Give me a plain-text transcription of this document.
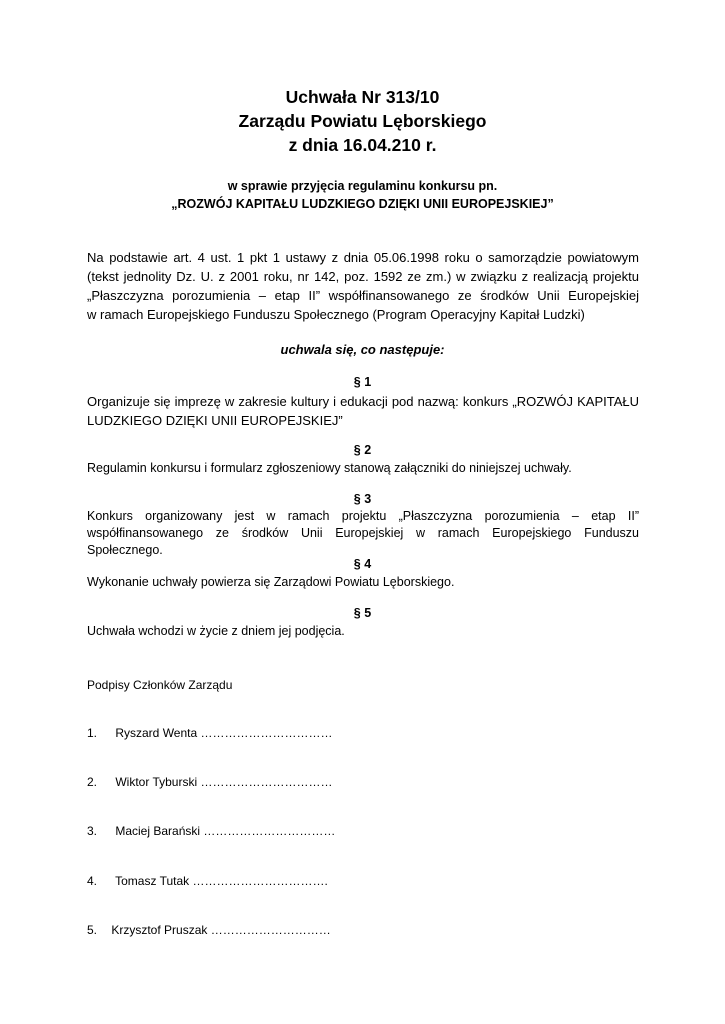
Uchwała Nr 313/10
Zarządu Powiatu Lęborskiego
z dnia 16.04.210 r.
w sprawie przyjęcia regulaminu konkursu pn.
„ROZWÓJ KAPITAŁU LUDZKIEGO DZIĘKI UNII EUROPEJSKIEJ”
Na podstawie art. 4 ust. 1 pkt 1 ustawy z dnia 05.06.1998 roku o samorządzie powiatowym
(tekst jednolity Dz. U. z 2001 roku, nr 142, poz. 1592 ze zm.) w związku z realizacją projektu
„Płaszczyzna porozumienia – etap II” współfinansowanego ze środków Unii Europejskiej
w ramach Europejskiego Funduszu Społecznego (Program Operacyjny Kapitał Ludzki)
uchwala się, co następuje:
§ 1
Organizuje się imprezę w zakresie kultury i edukacji pod nazwą: konkurs „ROZWÓJ KAPITAŁU
LUDZKIEGO DZIĘKI UNII EUROPEJSKIEJ”
§ 2
Regulamin konkursu i formularz zgłoszeniowy stanową załączniki do niniejszej uchwały.
§ 3
Konkurs organizowany jest w ramach projektu „Płaszczyzna porozumienia – etap II”
współfinansowanego ze środków Unii Europejskiej w ramach Europejskiego Funduszu Społecznego.
§ 4
Wykonanie uchwały powierza się Zarządowi Powiatu Lęborskiego.
§ 5
Uchwała wchodzi w życie z dniem jej podjęcia.
Podpisy Członków Zarządu
1. Ryszard Wenta ……………………………
2. Wiktor Tyburski ……………………………
3. Maciej Barański ……………………………
4. Tomasz Tutak …………………………….
5. Krzysztof Pruszak …………………………
